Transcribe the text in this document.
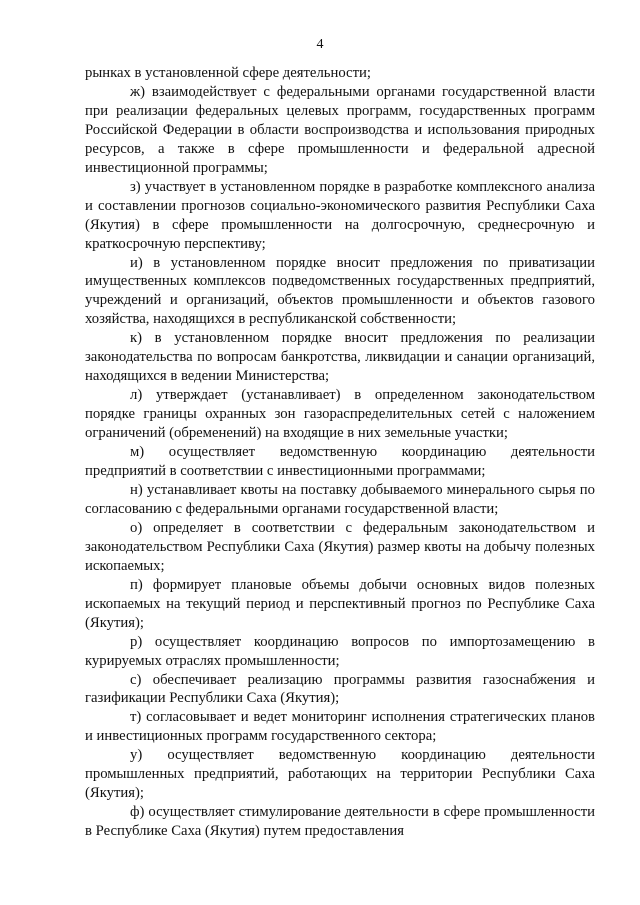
4

рынках в установленной сфере деятельности;

ж) взаимодействует с федеральными органами государственной власти при реализации федеральных целевых программ, государственных программ Российской Федерации в области воспроизводства и использования природных ресурсов, а также в сфере промышленности и федеральной адресной инвестиционной программы;

з) участвует в установленном порядке в разработке комплексного анализа и составлении прогнозов социально-экономического развития Республики Саха (Якутия) в сфере промышленности на долгосрочную, среднесрочную и краткосрочную перспективу;

и) в установленном порядке вносит предложения по приватизации имущественных комплексов подведомственных государственных предприятий, учреждений и организаций, объектов промышленности и объектов газового хозяйства, находящихся в республиканской собственности;

к) в установленном порядке вносит предложения по реализации законодательства по вопросам банкротства, ликвидации и санации организаций, находящихся в ведении Министерства;

л) утверждает (устанавливает) в определенном законодательством порядке границы охранных зон газораспределительных сетей с наложением ограничений (обременений) на входящие в них земельные участки;

м) осуществляет ведомственную координацию деятельности предприятий в соответствии с инвестиционными программами;

н) устанавливает квоты на поставку добываемого минерального сырья по согласованию с федеральными органами государственной власти;

о) определяет в соответствии с федеральным законодательством и законодательством Республики Саха (Якутия) размер квоты на добычу полезных ископаемых;

п) формирует плановые объемы добычи основных видов полезных ископаемых на текущий период и перспективный прогноз по Республике Саха (Якутия);

р) осуществляет координацию вопросов по импортозамещению в курируемых отраслях промышленности;

с) обеспечивает реализацию программы развития газоснабжения и газификации Республики Саха (Якутия);

т) согласовывает и ведет мониторинг исполнения стратегических планов и инвестиционных программ государственного сектора;

у) осуществляет ведомственную координацию деятельности промышленных предприятий, работающих на территории Республики Саха (Якутия);

ф) осуществляет стимулирование деятельности в сфере промышленности в Республике Саха (Якутия) путем предоставления
